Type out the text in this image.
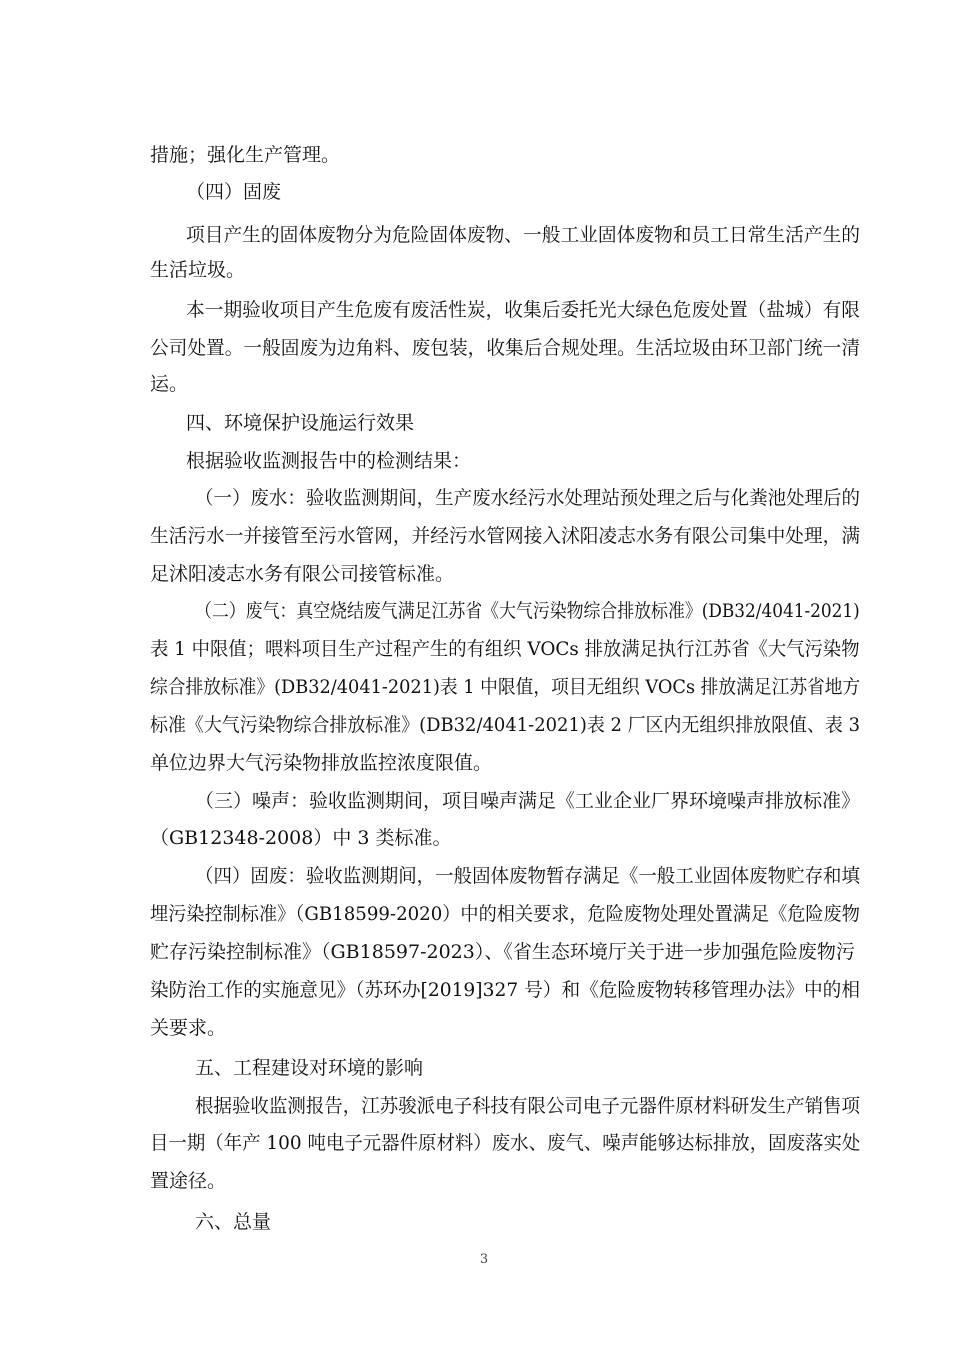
措施；强化生产管理。
（四）固废
项目产生的固体废物分为危险固体废物、一般工业固体废物和员工日常生活产生的
生活垃圾。
本一期验收项目产生危废有废活性炭，收集后委托光大绿色危废处置（盐城）有限
公司处置。一般固废为边角料、废包装，收集后合规处理。生活垃圾由环卫部门统一清
运。
四、环境保护设施运行效果
根据验收监测报告中的检测结果：
（一）废水：验收监测期间，生产废水经污水处理站预处理之后与化粪池处理后的
生活污水一并接管至污水管网，并经污水管网接入沭阳凌志水务有限公司集中处理，满
足沭阳凌志水务有限公司接管标准。
（二）废气：真空烧结废气满足江苏省《大气污染物综合排放标准》(DB32/4041-2021)
表 1 中限值；喂料项目生产过程产生的有组织 VOCs 排放满足执行江苏省《大气污染物
综合排放标准》(DB32/4041-2021)表 1 中限值，项目无组织 VOCs 排放满足江苏省地方
标准《大气污染物综合排放标准》(DB32/4041-2021)表 2 厂区内无组织排放限值、表 3
单位边界大气污染物排放监控浓度限值。
（三）噪声：验收监测期间，项目噪声满足《工业企业厂界环境噪声排放标准》
（GB12348-2008）中 3 类标准。
（四）固废：验收监测期间，一般固体废物暂存满足《一般工业固体废物贮存和填
埋污染控制标准》（GB18599-2020）中的相关要求，危险废物处理处置满足《危险废物
贮存污染控制标准》（GB18597-2023）、《省生态环境厅关于进一步加强危险废物污
染防治工作的实施意见》（苏环办[2019]327 号）和《危险废物转移管理办法》中的相
关要求。
五、工程建设对环境的影响
根据验收监测报告，江苏骏派电子科技有限公司电子元器件原材料研发生产销售项
目一期（年产 100 吨电子元器件原材料）废水、废气、噪声能够达标排放，固废落实处
置途径。
六、总量
3
